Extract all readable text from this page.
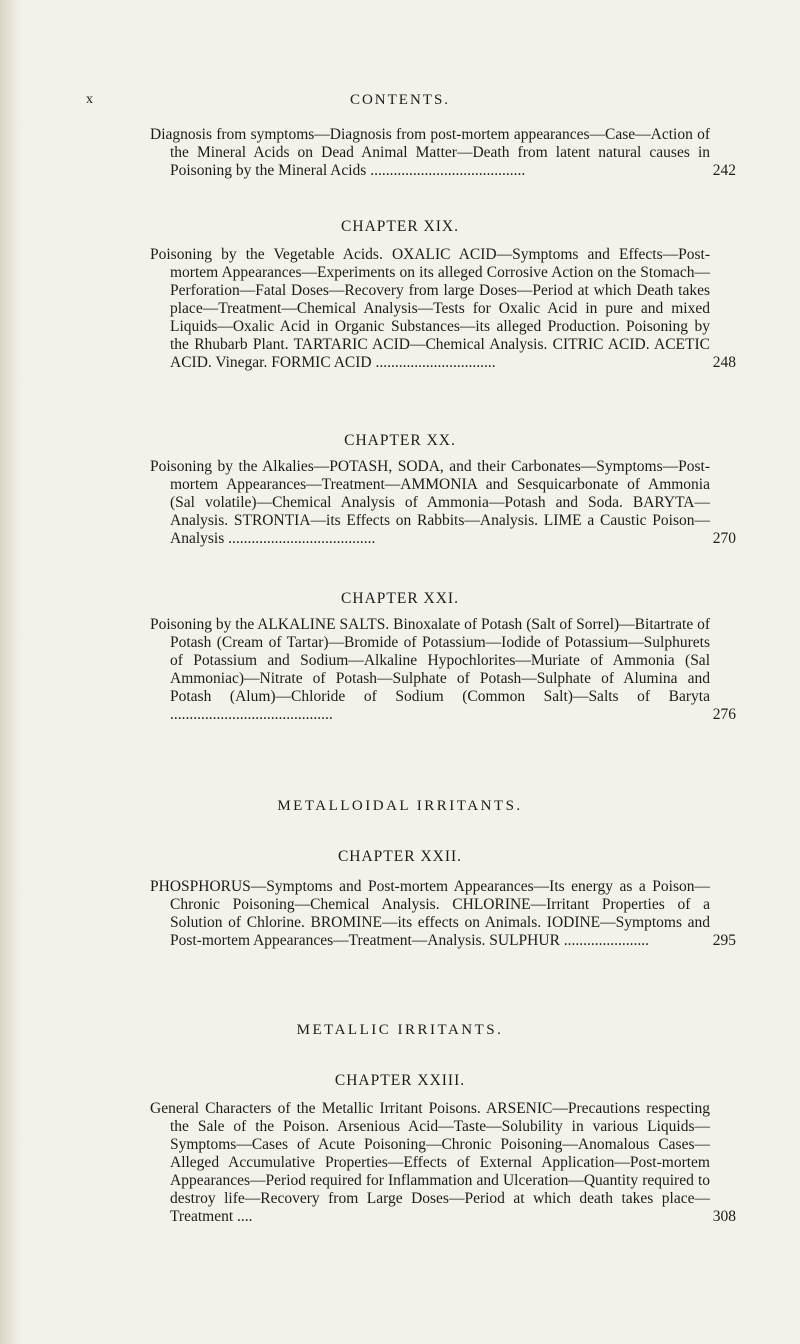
x	CONTENTS.
Diagnosis from symptoms—Diagnosis from post-mortem appearances—Case—Action of the Mineral Acids on Dead Animal Matter—Death from latent natural causes in Poisoning by the Mineral Acids ........................................	242
CHAPTER XIX.
Poisoning by the Vegetable Acids. OXALIC ACID—Symptoms and Effects—Post-mortem Appearances—Experiments on its alleged Corrosive Action on the Stomach—Perforation—Fatal Doses—Recovery from large Doses—Period at which Death takes place—Treatment—Chemical Analysis—Tests for Oxalic Acid in pure and mixed Liquids—Oxalic Acid in Organic Substances—its alleged Production. Poisoning by the Rhubarb Plant. TARTARIC ACID—Chemical Analysis. CITRIC ACID. ACETIC ACID. Vinegar. FORMIC ACID ...............................	248
CHAPTER XX.
Poisoning by the Alkalies—POTASH, SODA, and their Carbonates—Symptoms—Post-mortem Appearances—Treatment—AMMONIA and Sesquicarbonate of Ammonia (Sal volatile)—Chemical Analysis of Ammonia—Potash and Soda. BARYTA—Analysis. STRONTIA—its Effects on Rabbits—Analysis. LIME a Caustic Poison—Analysis ......................................	270
CHAPTER XXI.
Poisoning by the ALKALINE SALTS. Binoxalate of Potash (Salt of Sorrel)—Bitartrate of Potash (Cream of Tartar)—Bromide of Potassium—Iodide of Potassium—Sulphurets of Potassium and Sodium—Alkaline Hypochlorites—Muriate of Ammonia (Sal Ammoniac)—Nitrate of Potash—Sulphate of Potash—Sulphate of Alumina and Potash (Alum)—Chloride of Sodium (Common Salt)—Salts of Baryta ..........................................	276
METALLOIDAL IRRITANTS.
CHAPTER XXII.
PHOSPHORUS—Symptoms and Post-mortem Appearances—Its energy as a Poison—Chronic Poisoning—Chemical Analysis. CHLORINE—Irritant Properties of a Solution of Chlorine. BROMINE—its effects on Animals. IODINE—Symptoms and Post-mortem Appearances—Treatment—Analysis. SULPHUR ......................	295
METALLIC IRRITANTS.
CHAPTER XXIII.
General Characters of the Metallic Irritant Poisons. ARSENIC—Precautions respecting the Sale of the Poison. Arsenious Acid—Taste—Solubility in various Liquids—Symptoms—Cases of Acute Poisoning—Chronic Poisoning—Anomalous Cases—Alleged Accumulative Properties—Effects of External Application—Post-mortem Appearances—Period required for Inflammation and Ulceration—Quantity required to destroy life—Recovery from Large Doses—Period at which death takes place—Treatment ....	308
